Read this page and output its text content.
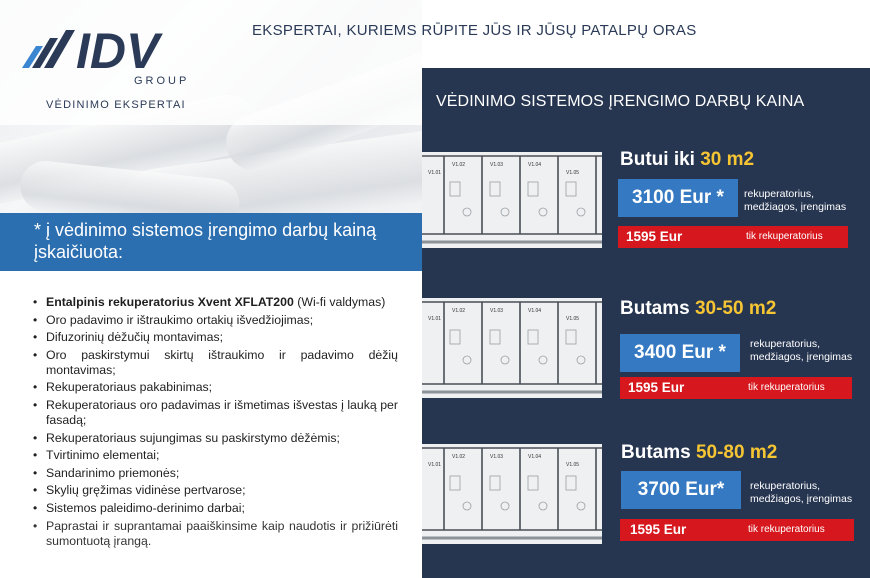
EKSPERTAI, KURIEMS RŪPITE JŪS IR JŪSŲ PATALPŲ ORAS
IDV
GROUP
VĖDINIMO EKSPERTAI
* į vėdinimo sistemos įrengimo darbų kainą įskaičiuota:
• Entalpinis rekuperatorius Xvent XFLAT200 (Wi-fi valdymas)
• Oro padavimo ir ištraukimo ortakių išvedžiojimas;
• Difuzorinių dėžučių montavimas;
• Oro paskirstymui skirtų ištraukimo ir padavimo dėžių montavimas;
• Rekuperatoriaus pakabinimas;
• Rekuperatoriaus oro padavimas ir išmetimas išvestas į lauką per fasadą;
• Rekuperatoriaus sujungimas su paskirstymo dėžėmis;
• Tvirtinimo elementai;
• Sandarinimo priemonės;
• Skylių gręžimas vidinėse pertvarose;
• Sistemos paleidimo-derinimo darbai;
• Paprastai ir suprantamai paaiškinsime kaip naudotis ir prižiūrėti sumontuotą įrangą.
VĖDINIMO SISTEMOS ĮRENGIMO DARBŲ KAINA
V1.01
V1.02	V1.03	V1.04
V1.05
Butui iki 30 m2
3100 Eur *	rekuperatorius,
medžiagos, įrengimas
1595 Eur	tik rekuperatorius
V1.01
V1.02	V1.03	V1.04
V1.05 Butams 30-50 m2
3400 Eur *	rekuperatorius,
medžiagos, įrengimas
1595 Eur	tik rekuperatorius
V1.01
V1.02	V1.03	V1.04
V1.05
Butams 50-80 m2
3700 Eur*	rekuperatorius,
medžiagos, įrengimas
1595 Eur	tik rekuperatorius
